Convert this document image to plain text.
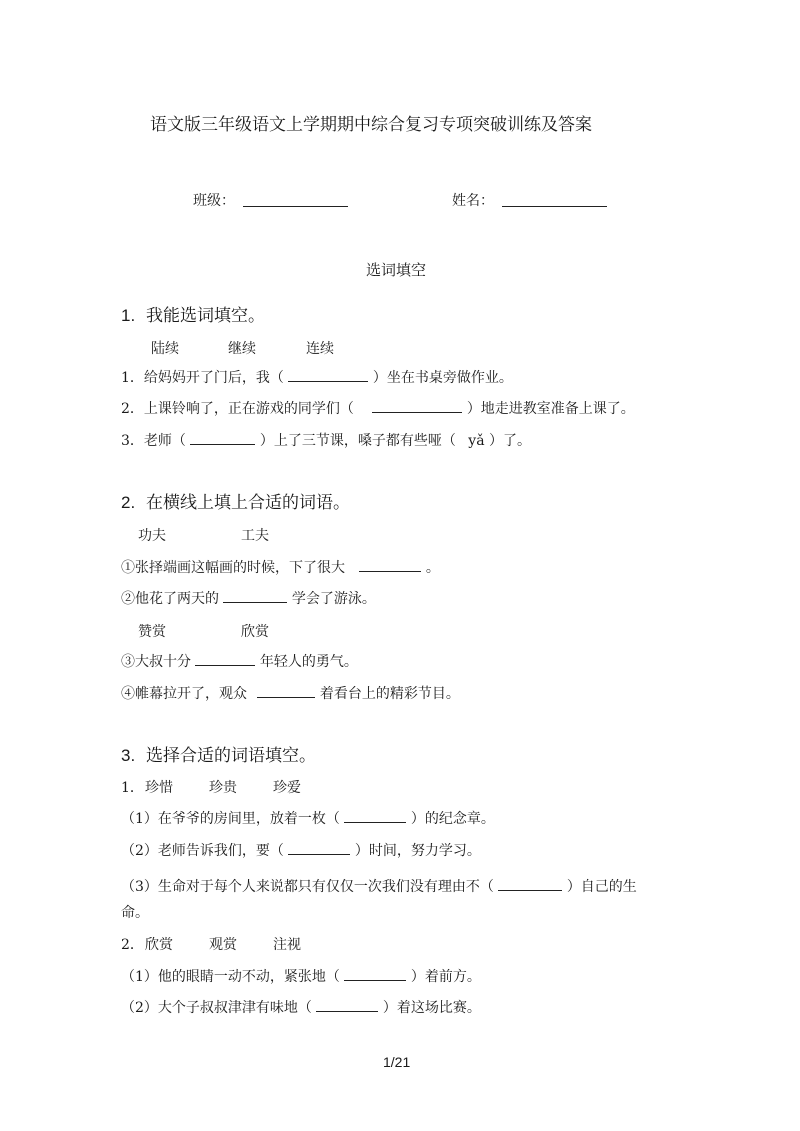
语文版三年级语文上学期期中综合复习专项突破训练及答案
班级：	姓名：
选词填空
1. 我能选词填空。
陆续	继续	连续
1．给妈妈开了门后，我（	）坐在书桌旁做作业。
2．上课铃响了，正在游戏的同学们（	）地走进教室准备上课了。
3．老师（	）上了三节课，嗓子都有些哑（ yǎ ）了。
2. 在横线上填上合适的词语。
功夫	工夫
①张择端画这幅画的时候，下了很大	。
②他花了两天的	学会了游泳。
赞赏	欣赏
③大叔十分	年轻人的勇气。
④帷幕拉开了，观众	着看台上的精彩节目。
3. 选择合适的词语填空。
1． 珍惜	珍贵	珍爱
（1）在爷爷的房间里，放着一枚（	）的纪念章。
（2）老师告诉我们，要（	）时间，努力学习。
（3）生命对于每个人来说都只有仅仅一次我们没有理由不（	）自己的生
命。
2． 欣赏	观赏	注视
（1）他的眼睛一动不动，紧张地（	）着前方。
（2）大个子叔叔津津有味地（	）着这场比赛。
1/21
